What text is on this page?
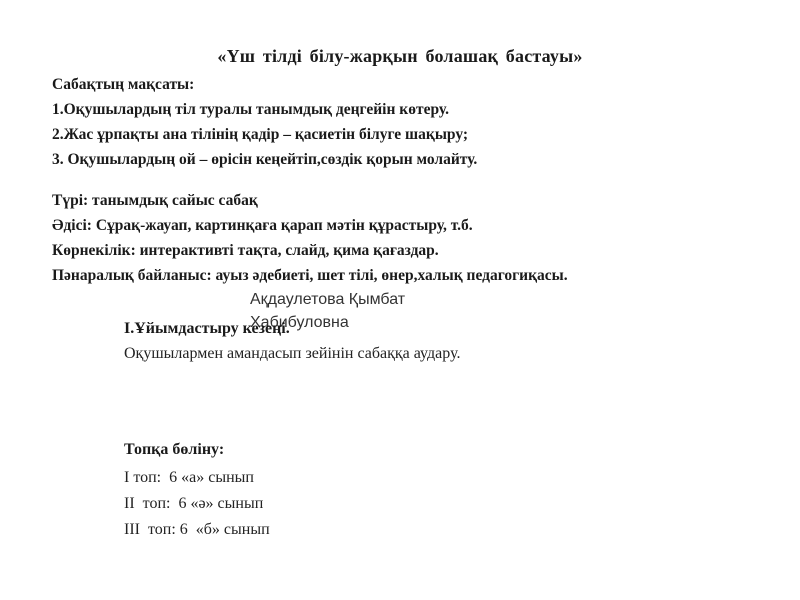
«Үш тілді білу-жарқын болашақ бастауы»
Сабақтың мақсаты:
1.Оқушылардың тіл туралы танымдық деңгейін көтеру.
2.Жас ұрпақты ана тілінің қадір – қасиетін білуге шақыру;
3. Оқушылардың ой – өрісін кеңейтіп,сөздік қорын молайту.
Түрі: танымдық сайыс сабақ
Әдісі: Сұрақ-жауап, картинқаға қарап мәтін құрастыру, т.б.
Көрнекілік: интерактивті тақта, слайд, қима қағаздар.
Пәнаралық байланыс: ауыз әдебиеті, шет тілі, өнер,халық педагогиқасы.
Ақдаулетова Қымбат
Хабибуловна
І.Ұйымдастыру кезеңі.
Оқушылармен амандасып зейінін сабаққа аудару.
Топқа бөліну:
І топ:  6 «а» сынып
ІІ  топ:  6 «ә» сынып
ІІІ  топ: 6  «б» сынып
